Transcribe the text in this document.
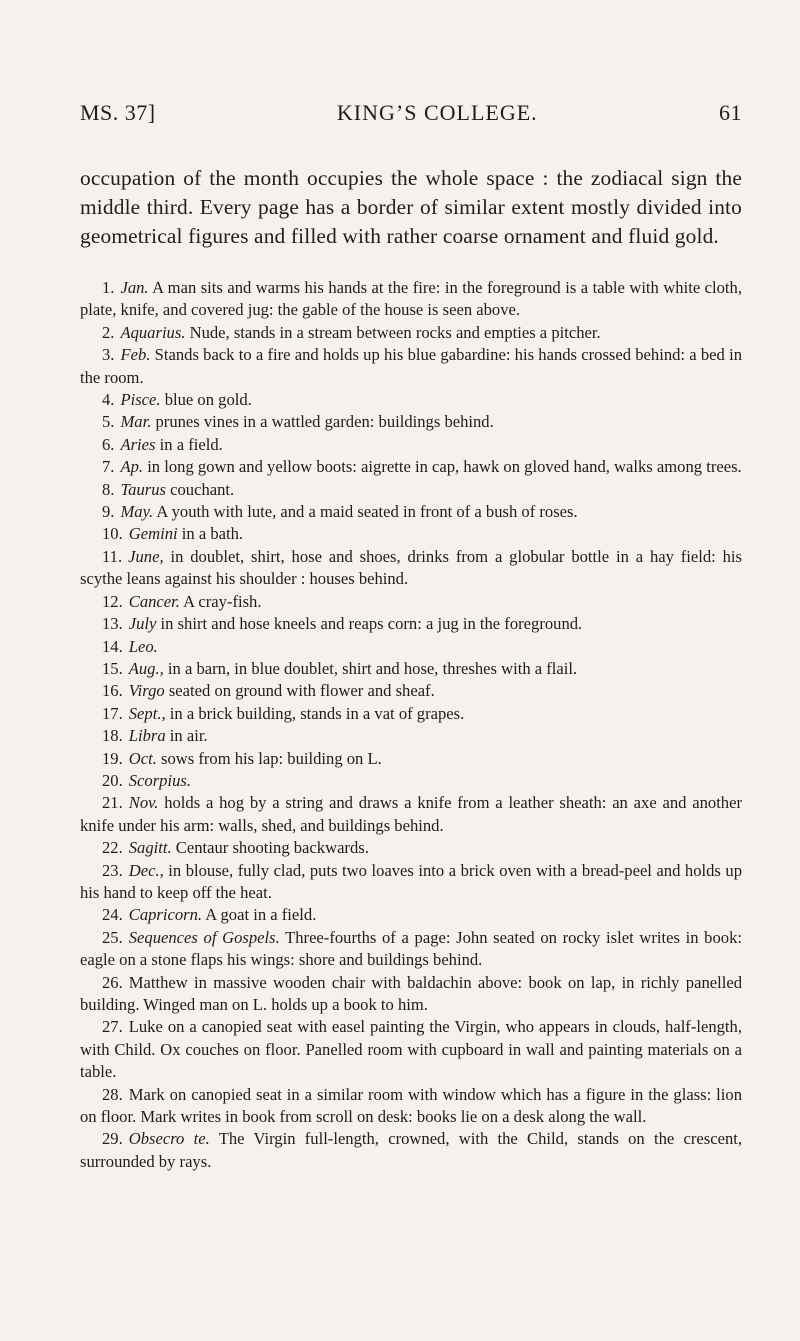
MS. 37]	KING’S COLLEGE.	61

occupation of the month occupies the whole space : the zodiacal sign the middle third. Every page has a border of similar extent mostly divided into geometrical figures and filled with rather coarse ornament and fluid gold.

1. Jan. A man sits and warms his hands at the fire: in the foreground is a table with white cloth, plate, knife, and covered jug: the gable of the house is seen above.

2. Aquarius. Nude, stands in a stream between rocks and empties a pitcher.

3. Feb. Stands back to a fire and holds up his blue gabardine: his hands crossed behind: a bed in the room.

4. Pisce. blue on gold.

5. Mar. prunes vines in a wattled garden: buildings behind.

6. Aries in a field.

7. Ap. in long gown and yellow boots: aigrette in cap, hawk on gloved hand, walks among trees.

8. Taurus couchant.

9. May. A youth with lute, and a maid seated in front of a bush of roses.

10. Gemini in a bath.

11. June, in doublet, shirt, hose and shoes, drinks from a globular bottle in a hay field: his scythe leans against his shoulder : houses behind.

12. Cancer. A cray-fish.

13. July in shirt and hose kneels and reaps corn: a jug in the foreground.

14. Leo.

15. Aug., in a barn, in blue doublet, shirt and hose, threshes with a flail.

16. Virgo seated on ground with flower and sheaf.

17. Sept., in a brick building, stands in a vat of grapes.

18. Libra in air.

19. Oct. sows from his lap: building on L.

20. Scorpius.

21. Nov. holds a hog by a string and draws a knife from a leather sheath: an axe and another knife under his arm: walls, shed, and buildings behind.

22. Sagitt. Centaur shooting backwards.

23. Dec., in blouse, fully clad, puts two loaves into a brick oven with a bread-peel and holds up his hand to keep off the heat.

24. Capricorn. A goat in a field.

25. Sequences of Gospels. Three-fourths of a page: John seated on rocky islet writes in book: eagle on a stone flaps his wings: shore and buildings behind.

26. Matthew in massive wooden chair with baldachin above: book on lap, in richly panelled building. Winged man on L. holds up a book to him.

27. Luke on a canopied seat with easel painting the Virgin, who appears in clouds, half-length, with Child. Ox couches on floor. Panelled room with cupboard in wall and painting materials on a table.

28. Mark on canopied seat in a similar room with window which has a figure in the glass: lion on floor. Mark writes in book from scroll on desk: books lie on a desk along the wall.

29. Obsecro te. The Virgin full-length, crowned, with the Child, stands on the crescent, surrounded by rays.
